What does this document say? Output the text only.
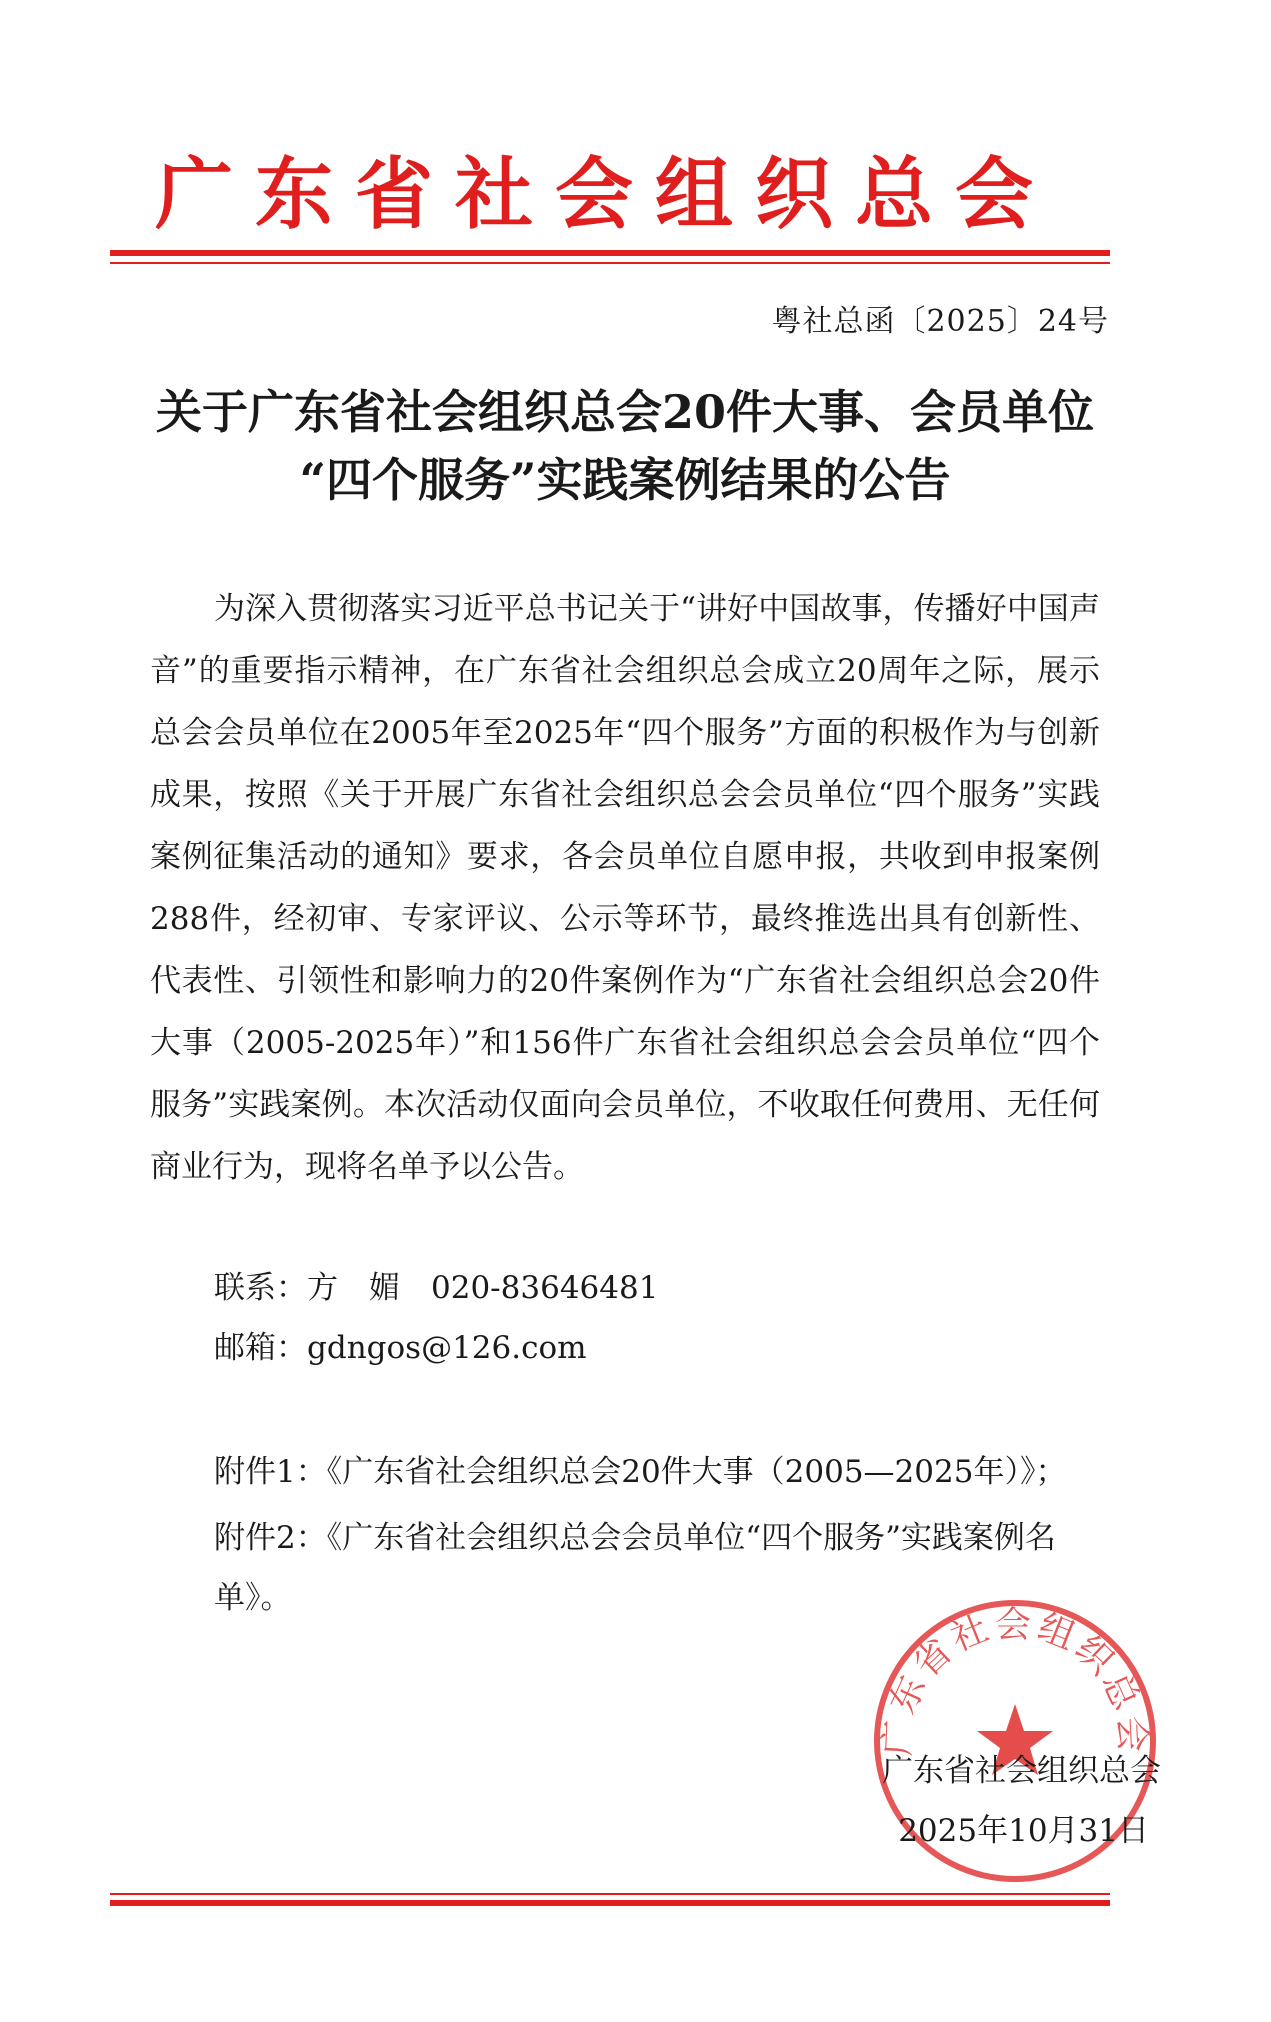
广东省社会组织总会
粤社总函〔2025〕24号
关于广东省社会组织总会20件大事、会员单位
“四个服务”实践案例结果的公告

为深入贯彻落实习近平总书记关于“讲好中国故事，传播好中国声音”的重要指示精神，在广东省社会组织总会成立20周年之际，展示总会会员单位在2005年至2025年“四个服务”方面的积极作为与创新成果，按照《关于开展广东省社会组织总会会员单位“四个服务”实践案例征集活动的通知》要求，各会员单位自愿申报，共收到申报案例288件，经初审、专家评议、公示等环节，最终推选出具有创新性、代表性、引领性和影响力的20件案例作为“广东省社会组织总会20件大事（2005-2025年）”和156件广东省社会组织总会会员单位“四个服务”实践案例。本次活动仅面向会员单位，不收取任何费用、无任何商业行为，现将名单予以公告。

联系：方　媚　020-83646481
邮箱：gdngos@126.com
附件1：《广东省社会组织总会20件大事（2005—2025年）》；
附件2：《广东省社会组织总会会员单位“四个服务”实践案例名单》。
广东省社会组织总会
广东省社会组织总会
2025年10月31日
